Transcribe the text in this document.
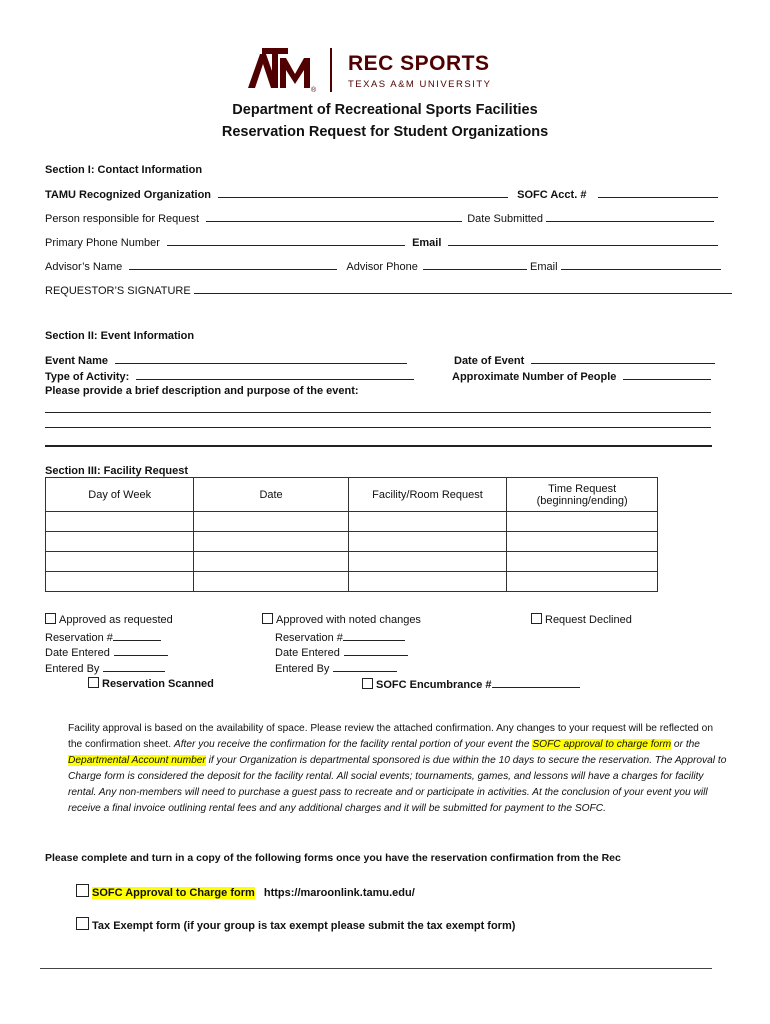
®
REC SPORTS
TEXAS A&M UNIVERSITY
Department of Recreational Sports Facilities
Reservation Request for Student Organizations
Section I: Contact Information
TAMU Recognized Organization	SOFC Acct. #
Person responsible for Request	Date Submitted
Primary Phone Number	Email
Advisor’s Name	Advisor Phone	Email
REQUESTOR’S SIGNATURE
Section II: Event Information
Event Name	Date of Event
Type of Activity:	Approximate Number of People
Please provide a brief description and purpose of the event:
Section III: Facility Request
Day of Week	Date	Facility/Room Request	Time Request
(beginning/ending)

Approved as requested	Approved with noted changes	Request Declined
Reservation #
Date Entered
Entered By
Reservation Scanned
Reservation #
Date Entered
Entered By
SOFC Encumbrance #
Facility approval is based on the availability of space. Please review the attached confirmation. Any changes to your request will be reflected on the confirmation sheet. After you receive the confirmation for the facility rental portion of your event the SOFC approval to charge form or the Departmental Account number if your Organization is departmental sponsored is due within the 10 days to secure the reservation. The Approval to Charge form is considered the deposit for the facility rental. All social events; tournaments, games, and lessons will have a charges for facility rental. Any non-members will need to purchase a guest pass to recreate and or participate in activities. At the conclusion of your event you will receive a final invoice outlining rental fees and any additional charges and it will be submitted for payment to the SOFC.
Please complete and turn in a copy of the following forms once you have the reservation confirmation from the Rec
SOFC Approval to Charge form https://maroonlink.tamu.edu/
Tax Exempt form (if your group is tax exempt please submit the tax exempt form)
